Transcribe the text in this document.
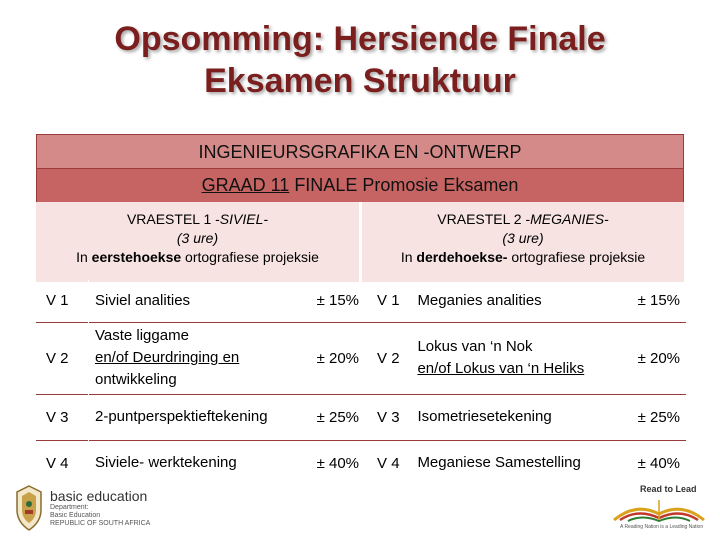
Opsomming: Hersiende Finale
Eksamen Struktuur
INGENIEURSGRAFIKA EN -ONTWERP
GRAAD 11 FINALE Promosie Eksamen
VRAESTEL 1 -SIVIEL-
(3 ure)
In eerstehoekse ortografiese projeksie
VRAESTEL 2 -MEGANIES-
(3 ure)
In derdehoekse- ortografiese projeksie
V 1	Siviel analities	± 15%	V 1	Meganies analities	± 15%
V 2	Vaste liggame
en/of Deurdringing en
ontwikkeling	± 20%	V 2	Lokus van ‘n Nok
en/of Lokus van ‘n Heliks	± 20%
V 3	2-puntperspektieftekening	± 25%	V 3	Isometriesetekening	± 25%
V 4	Siviele- werktekening	± 40%	V 4	Meganiese Samestelling	± 40%
basic education
Department:
Basic Education
REPUBLIC OF SOUTH AFRICA
Read to Lead
A Reading Nation is a Leading Nation
